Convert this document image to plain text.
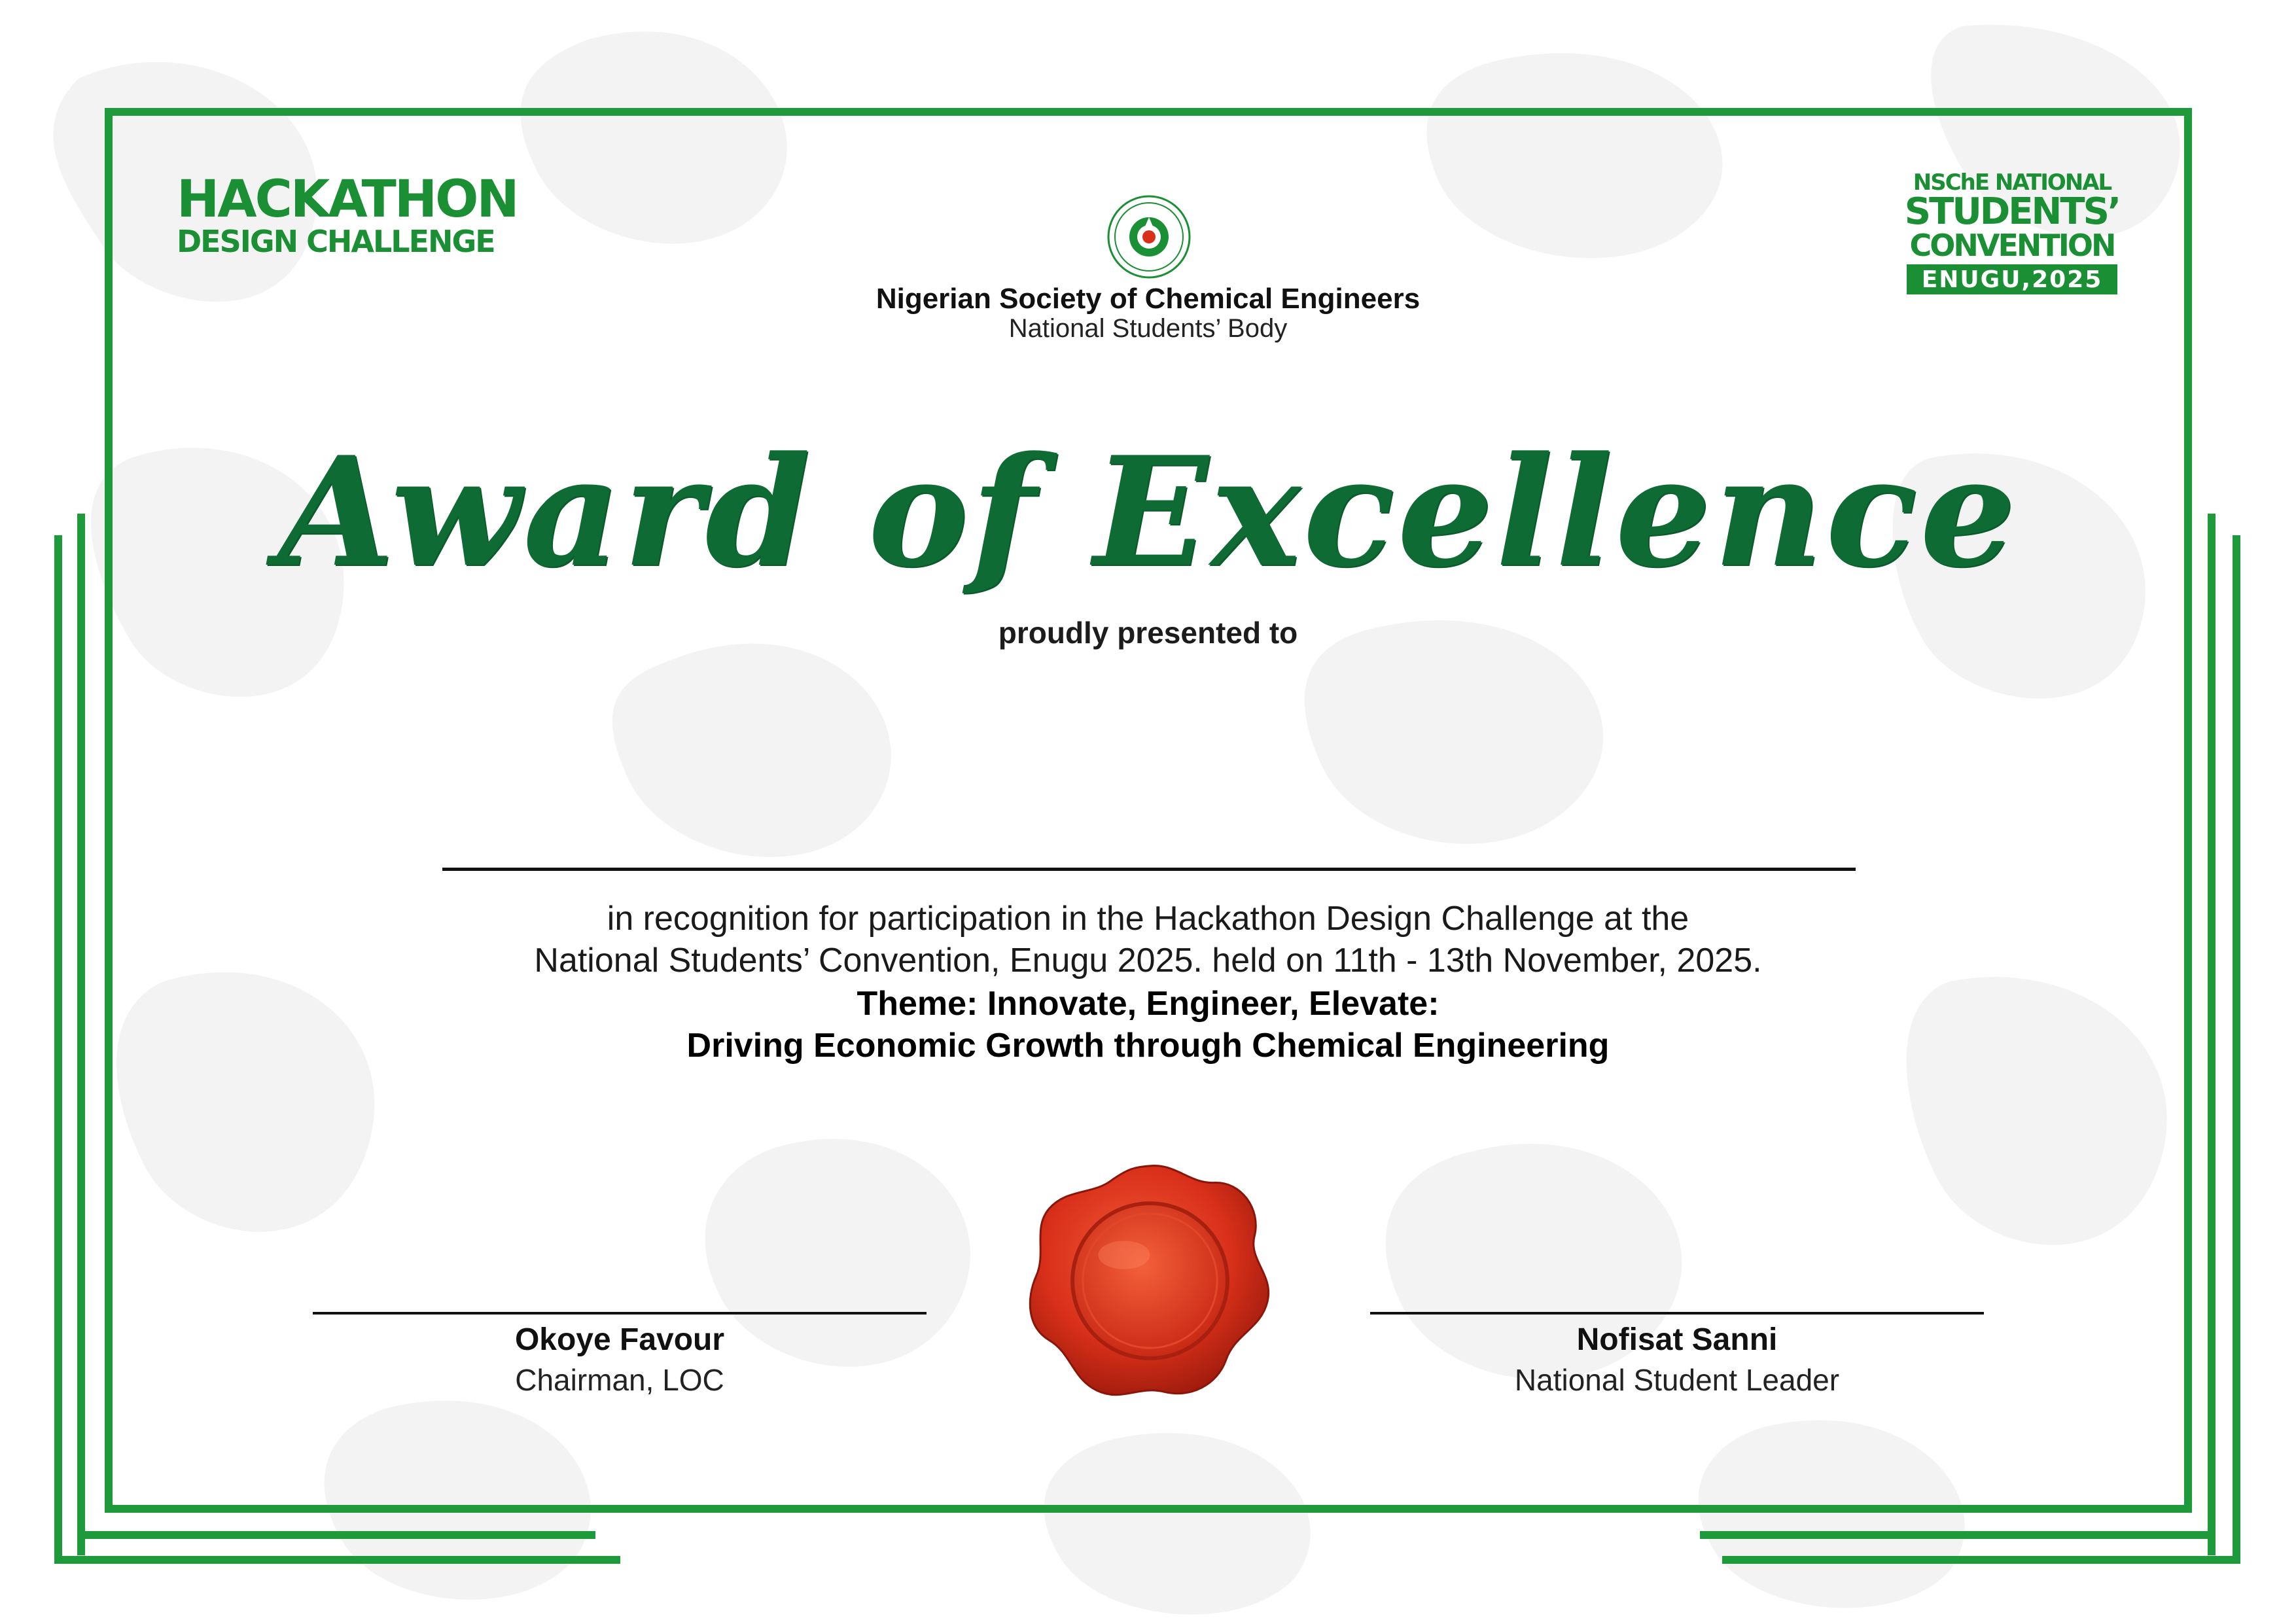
HACKATHON
DESIGN CHALLENGE
NSChE NATIONAL
STUDENTS’
CONVENTION
ENUGU,2025
Nigerian Society of Chemical Engineers
National Students’ Body
Award of Excellence
proudly presented to
in recognition for participation in the Hackathon Design Challenge at the
National Students’ Convention, Enugu 2025. held on 11th - 13th November, 2025.
Theme: Innovate, Engineer, Elevate:
Driving Economic Growth through Chemical Engineering
Okoye Favour
Chairman, LOC
Nofisat Sanni
National Student Leader
